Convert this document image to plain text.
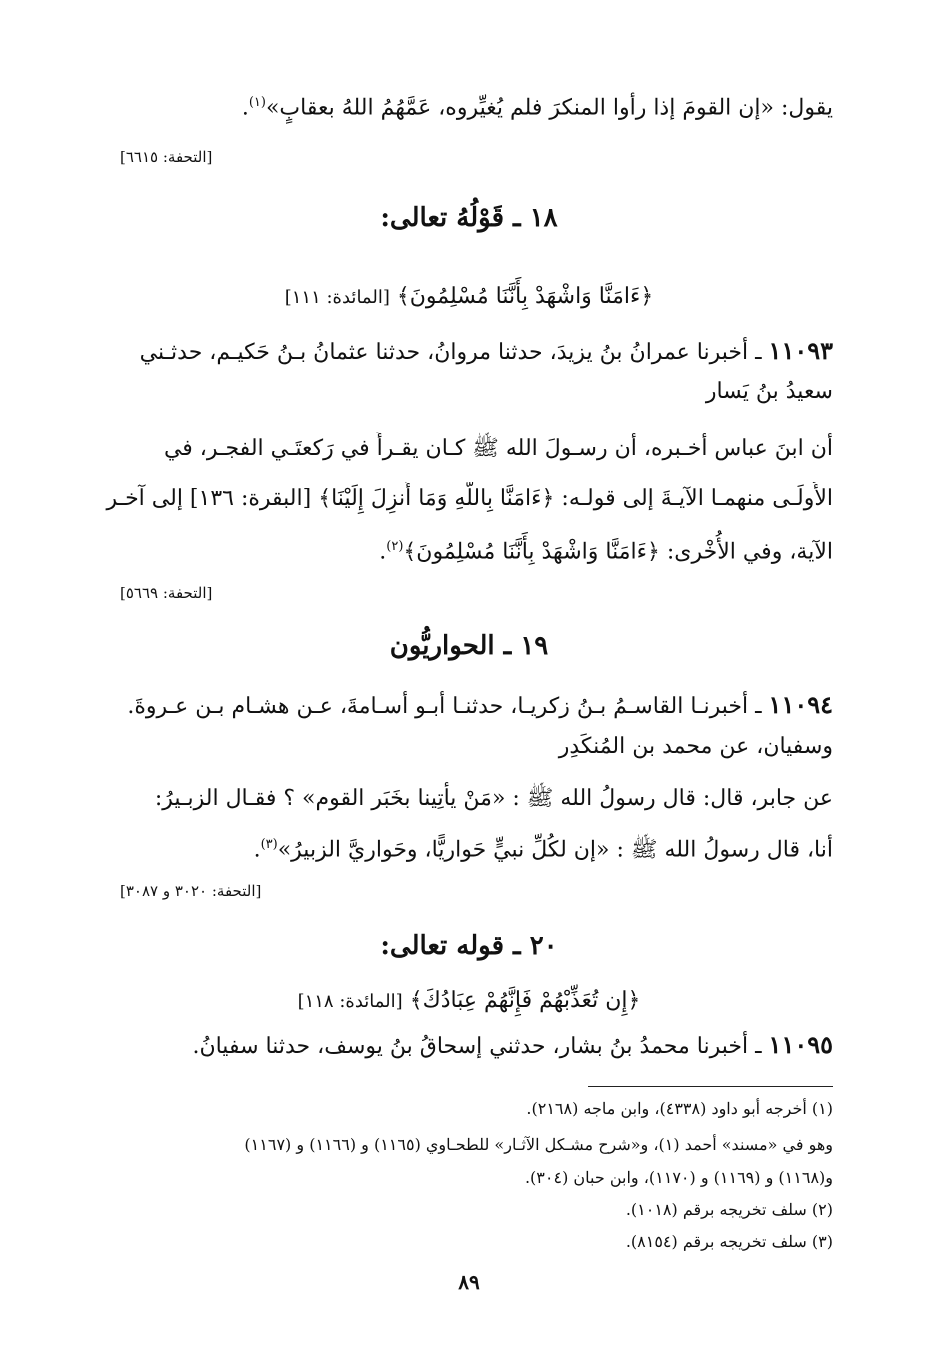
يقول: «إن القومَ إذا رأوا المنكرَ فلم يُغيِّروه، عَمَّهُمُ اللهُ بعقابٍ»$^{(١)}$.
[التحفة: ٦٦١٥]
١٨ ـ قَوْلُهُ تعالى:
﴿ءَامَنَّا وَاشْهَدْ بِأَنَّنَا مُسْلِمُونَ﴾ [المائدة: ١١١]
١١٠٩٣ ـ أخبرنا عمرانُ بنُ يزيدَ، حدثنا مروانُ، حدثنا عثمانُ بـنُ حَكيـم، حدثـني
سعيدُ بنُ يَسار
أن ابنَ عباس أخـبره، أن رسـولَ الله ﷺ كـان يقـرأُ في رَكعتَـي الفجـر، في
الأُولَـى منهمـا الآيـةَ إلى قولـه: ﴿ءَامَنَّا بِاللَّهِ وَمَا أُنزِلَ إِلَيْنَا﴾ [البقرة: ١٣٦] إلى آخـر
الآية، وفي الأُخْرى: ﴿ءَامَنَّا وَاشْهَدْ بِأَنَّنَا مُسْلِمُونَ﴾$^{(٢)}$.
[التحفة: ٥٦٦٩]
١٩ ـ الحواريُّون
١١٠٩٤ ـ أخبرنـا القاسـمُ بـنُ زكريـا، حدثنـا أبـو أسـامةَ، عـن هشـام بـن عـروةَ.
وسفيان، عن محمد بن المُنكَدِر
عن جابر، قال: قال رسولُ الله ﷺ : «مَنْ يأتِينا بخَبَر القوم» ؟ فقـال الزبـيرُ:
أنا، قال رسولُ الله ﷺ : «إن لكُلِّ نبيٍّ حَواريًّا، وحَواريَّ الزبيرُ»$^{(٣)}$.
[التحفة: ٣٠٢٠ و ٣٠٨٧]
٢٠ ـ قوله تعالى:
﴿إِن تُعَذِّبْهُمْ فَإِنَّهُمْ عِبَادُكَ﴾ [المائدة: ١١٨]
١١٠٩٥ ـ أخبرنا محمدُ بنُ بشار، حدثني إسحاقُ بنُ يوسف، حدثنا سفيانُ.
(١) أخرجه أبو داود (٤٣٣٨)، وابن ماجه (٢١٦٨).
وهو في «مسند» أحمد (١)، و«شرح مشـكل الآثـار» للطحـاوي (١١٦٥) و (١١٦٦) و (١١٦٧)
و(١١٦٨) و (١١٦٩) و (١١٧٠)، وابن حبان (٣٠٤).
(٢) سلف تخريجه برقم (١٠١٨).
(٣) سلف تخريجه برقم (٨١٥٤).
٨٩
